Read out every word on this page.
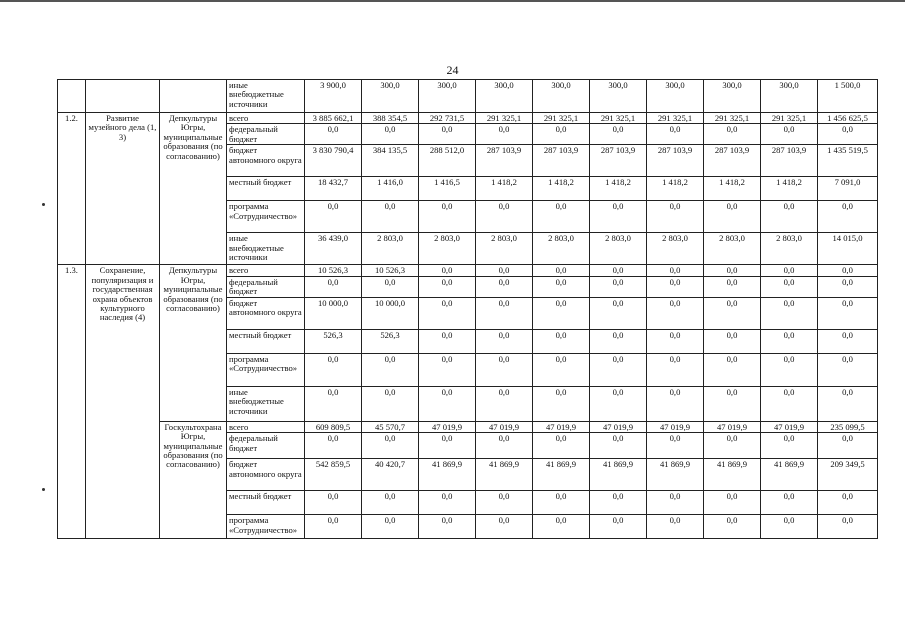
24
			иные внебюджетные источники	3 900,0	300,0	300,0	300,0	300,0	300,0	300,0	300,0	300,0	1 500,0
1.2.	Развитие музейного дела (1, 3)	Депкультуры Югры, муниципальные образования (по согласованию)	всего	3 885 662,1	388 354,5	292 731,5	291 325,1	291 325,1	291 325,1	291 325,1	291 325,1	291 325,1	1 456 625,5
			федеральный бюджет	0,0	0,0	0,0	0,0	0,0	0,0	0,0	0,0	0,0	0,0
			бюджет автономного округа	3 830 790,4	384 135,5	288 512,0	287 103,9	287 103,9	287 103,9	287 103,9	287 103,9	287 103,9	1 435 519,5
			местный бюджет	18 432,7	1 416,0	1 416,5	1 418,2	1 418,2	1 418,2	1 418,2	1 418,2	1 418,2	7 091,0
			программа «Сотрудничество»	0,0	0,0	0,0	0,0	0,0	0,0	0,0	0,0	0,0	0,0
			иные внебюджетные источники	36 439,0	2 803,0	2 803,0	2 803,0	2 803,0	2 803,0	2 803,0	2 803,0	2 803,0	14 015,0
1.3.	Сохранение, популяризация и государственная охрана объектов культурного наследия (4)	Депкультуры Югры, муниципальные образования (по согласованию)	всего	10 526,3	10 526,3	0,0	0,0	0,0	0,0	0,0	0,0	0,0	0,0
			федеральный бюджет	0,0	0,0	0,0	0,0	0,0	0,0	0,0	0,0	0,0	0,0
			бюджет автономного округа	10 000,0	10 000,0	0,0	0,0	0,0	0,0	0,0	0,0	0,0	0,0
			местный бюджет	526,3	526,3	0,0	0,0	0,0	0,0	0,0	0,0	0,0	0,0
			программа «Сотрудничество»	0,0	0,0	0,0	0,0	0,0	0,0	0,0	0,0	0,0	0,0
			иные внебюджетные источники	0,0	0,0	0,0	0,0	0,0	0,0	0,0	0,0	0,0	0,0
		Госкультохрана Югры, муниципальные образования (по согласованию)	всего	609 809,5	45 570,7	47 019,9	47 019,9	47 019,9	47 019,9	47 019,9	47 019,9	47 019,9	235 099,5
			федеральный бюджет	0,0	0,0	0,0	0,0	0,0	0,0	0,0	0,0	0,0	0,0
			бюджет автономного округа	542 859,5	40 420,7	41 869,9	41 869,9	41 869,9	41 869,9	41 869,9	41 869,9	41 869,9	209 349,5
			местный бюджет	0,0	0,0	0,0	0,0	0,0	0,0	0,0	0,0	0,0	0,0
			программа «Сотрудничество»	0,0	0,0	0,0	0,0	0,0	0,0	0,0	0,0	0,0	0,0
